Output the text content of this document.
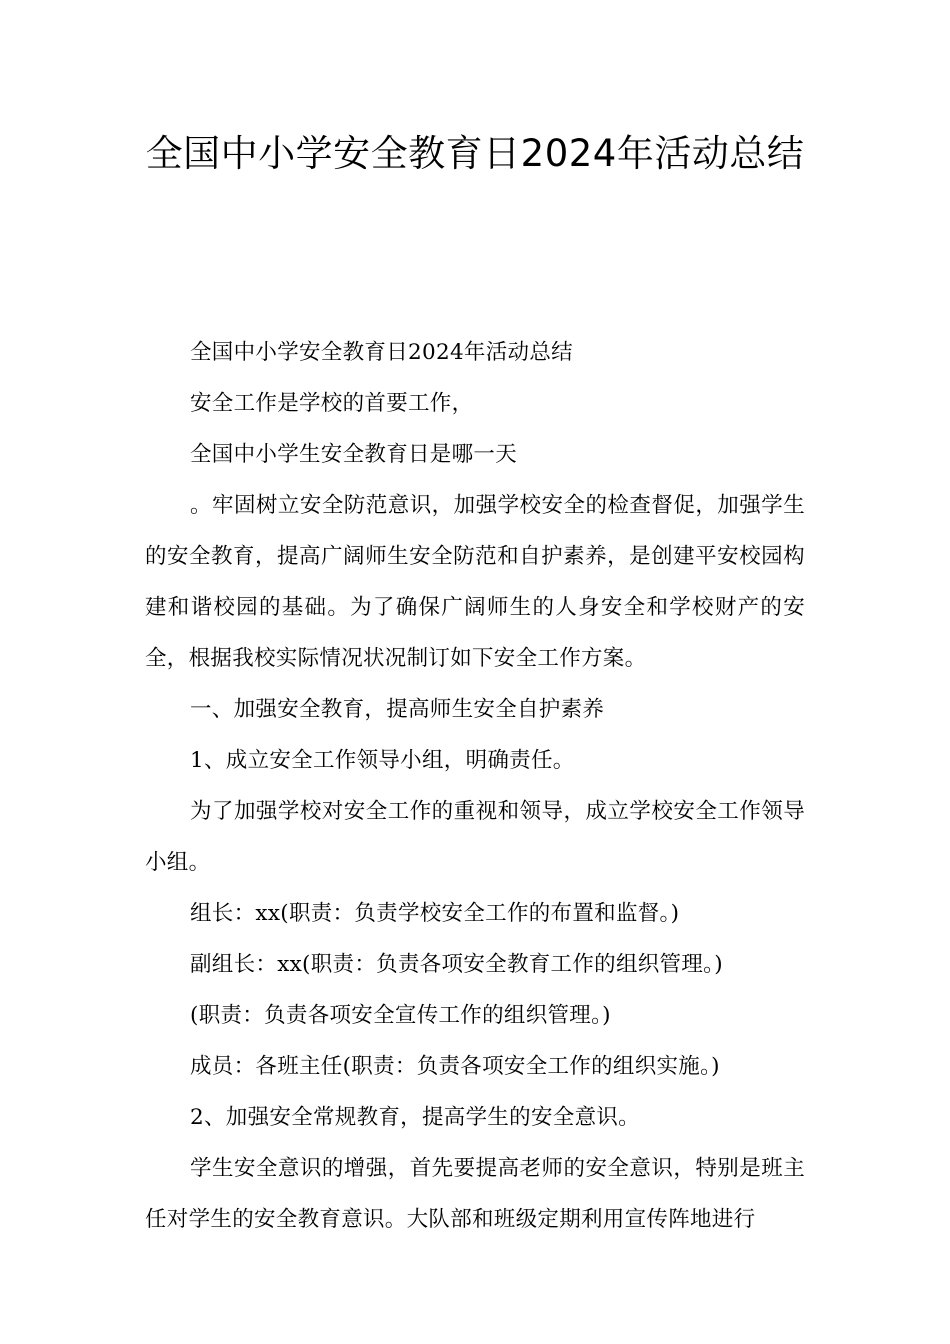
全国中小学安全教育日2024年活动总结

全国中小学安全教育日2024年活动总结

安全工作是学校的首要工作，

全国中小学生安全教育日是哪一天

。牢固树立安全防范意识，加强学校安全的检查督促，加强学生的安全教育，提高广阔师生安全防范和自护素养，是创建平安校园构建和谐校园的基础。为了确保广阔师生的人身安全和学校财产的安全，根据我校实际情况状况制订如下安全工作方案。

一、加强安全教育，提高师生安全自护素养

1、成立安全工作领导小组，明确责任。

为了加强学校对安全工作的重视和领导，成立学校安全工作领导小组。

组长：xx(职责：负责学校安全工作的布置和监督。)

副组长：xx(职责：负责各项安全教育工作的组织管理。)

(职责：负责各项安全宣传工作的组织管理。)

成员：各班主任(职责：负责各项安全工作的组织实施。)

2、加强安全常规教育，提高学生的安全意识。

学生安全意识的增强，首先要提高老师的安全意识，特别是班主任对学生的安全教育意识。大队部和班级定期利用宣传阵地进行
